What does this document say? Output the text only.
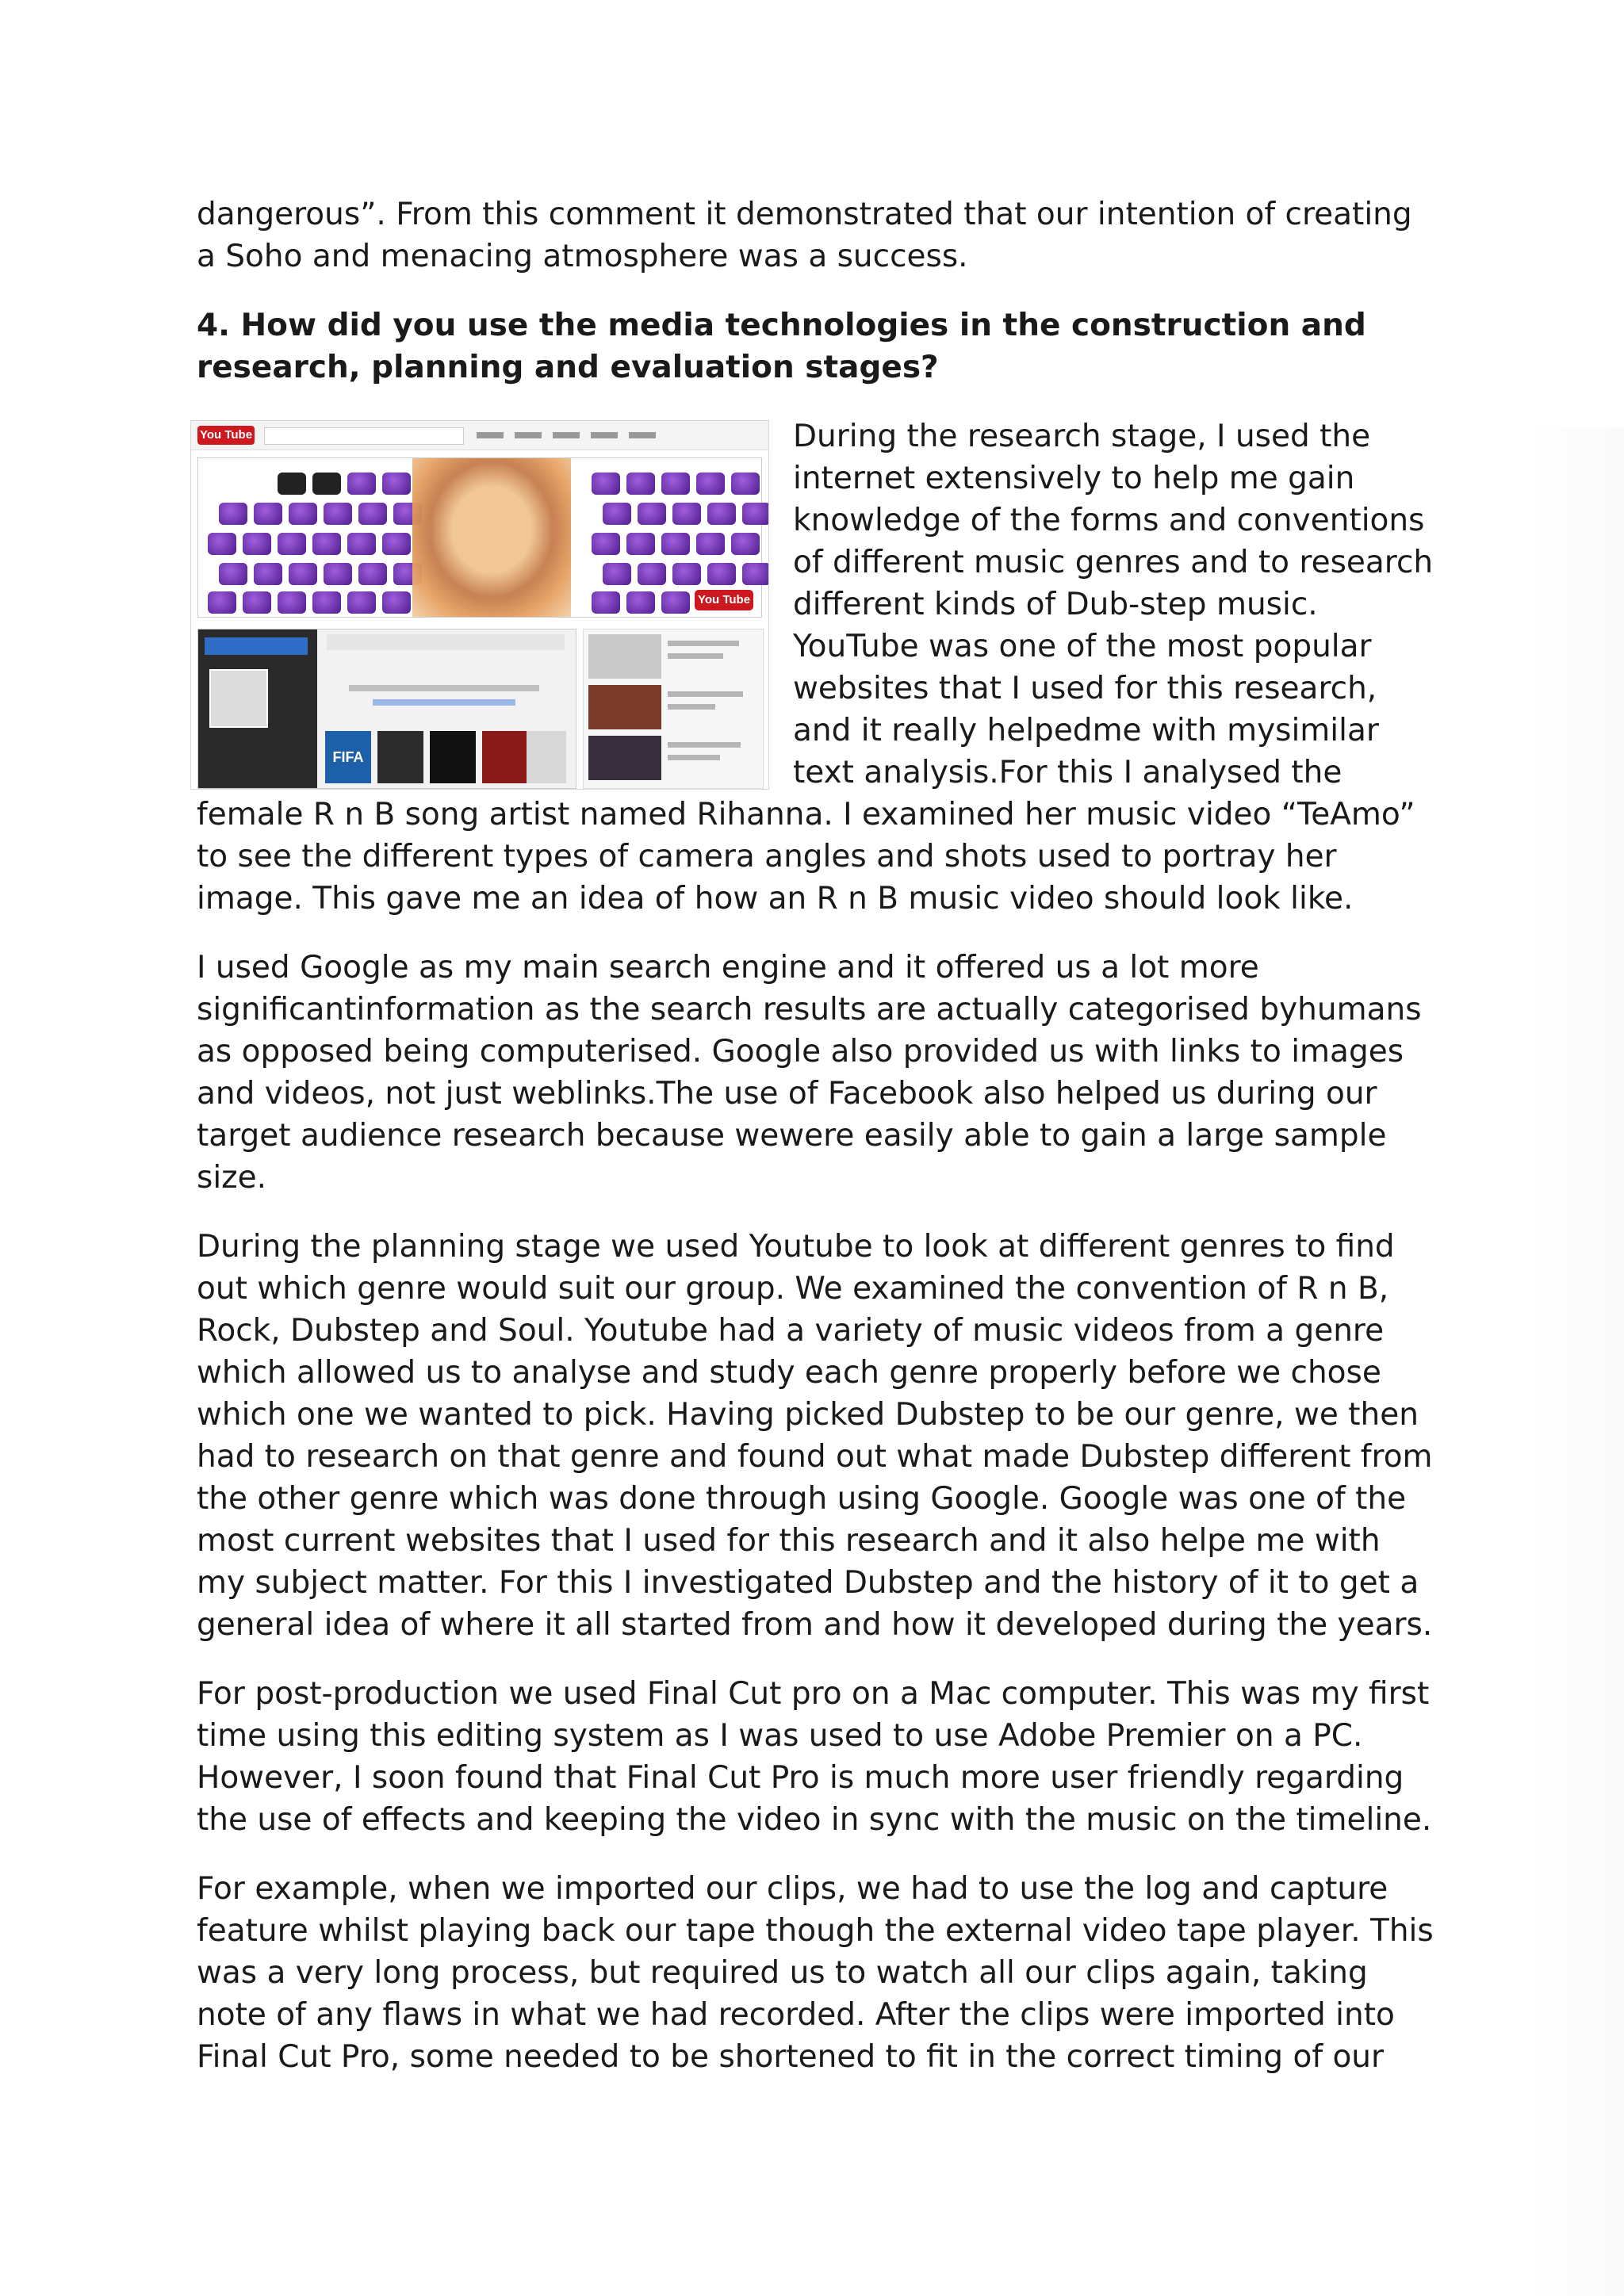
dangerous”. From this comment it demonstrated that our intention of creating a Soho and menacing atmosphere was a success.

4. How did you use the media technologies in the construction and research, planning and evaluation stages?
You Tube
You Tube
FIFA

During the research stage, I used the internet extensively to help me gain knowledge of the forms and conventions of different music genres and to research different kinds of Dub-step music. YouTube was one of the most popular websites that I used for this research, and it really helpedme with mysimilar text analysis.For this I analysed the female R n B song artist named Rihanna. I examined her music video “TeAmo” to see the different types of camera angles and shots used to portray her image. This gave me an idea of how an R n B music video should look like.

I used Google as my main search engine and it offered us a lot more significantinformation as the search results are actually categorised byhumans as opposed being computerised. Google also provided us with links to images and videos, not just weblinks.The use of Facebook also helped us during our target audience research because wewere easily able to gain a large sample size.

During the planning stage we used Youtube to look at different genres to find out which genre would suit our group. We examined the convention of R n B, Rock, Dubstep and Soul. Youtube had a variety of music videos from a genre which allowed us to analyse and study each genre properly before we chose which one we wanted to pick. Having picked Dubstep to be our genre, we then had to research on that genre and found out what made Dubstep different from the other genre which was done through using Google. Google was one of the most current websites that I used for this research and it also helpe me with my subject matter. For this I investigated Dubstep and the history of it to get a general idea of where it all started from and how it developed during the years.

For post-production we used Final Cut pro on a Mac computer. This was my first time using this editing system as I was used to use Adobe Premier on a PC. However, I soon found that Final Cut Pro is much more user friendly regarding the use of effects and keeping the video in sync with the music on the timeline.

For example, when we imported our clips, we had to use the log and capture feature whilst playing back our tape though the external video tape player. This was a very long process, but required us to watch all our clips again, taking note of any flaws in what we had recorded. After the clips were imported into Final Cut Pro, some needed to be shortened to fit in the correct timing of our
